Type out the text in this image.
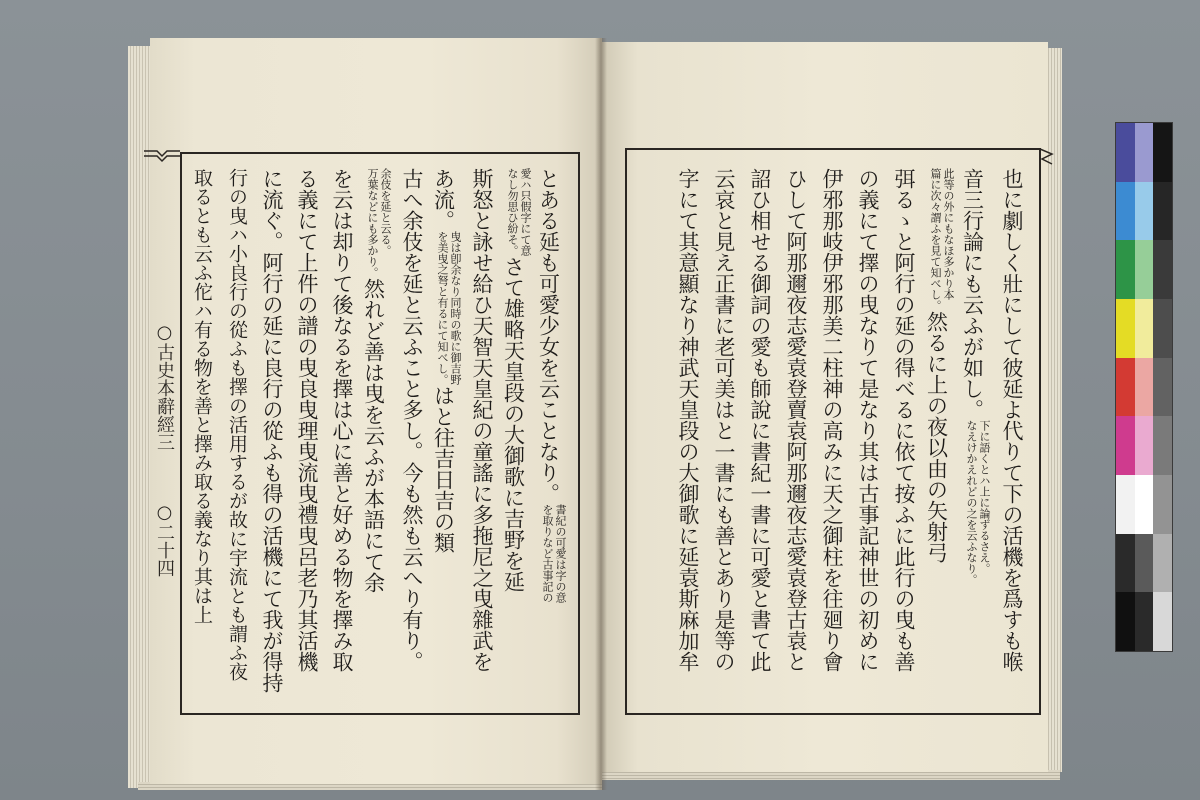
○古史本辭經三
○二十四	也に劇しく壯にして彼延よ代りて下の活機を爲すも喉
音三行論にも云ふが如し。
下に語くとハ上に論ずるさえ。
なえけかえれどの之を云ふなり。
此等の外にもなほ多かり本
篇に次々謂ふを見て知べし。
然るに上の夜以由の矢射弓
弭るゝと阿行の延の得べるに依て按ふに此行の曳も善
の義にて擇の曳なりて是なり其は古事記神世の初めに
伊邪那岐伊邪那美二柱神の高みに天之御柱を往廻り會
ひして阿那邇夜志愛袁登賣袁阿那邇夜志愛袁登古袁と
詔ひ相せる御詞の愛も師說に書紀一書に可愛と書て此
云哀と見え正書に老可美はと一書にも善とあり是等の
字にて其意顯なり神武天皇段の大御歌に延袁斯麻加牟
とある延も可愛少女を云ことなり。
書紀の可愛は字の意
を取りなど古事記の
愛ハ只假字にて意
なし勿思ひ紛そ。
さて雄略天皇段の大御歌に吉野を延
斯怒と詠せ給ひ天智天皇紀の童謠に多拖尼之曳雜武を
あ流。
曳は卽余なり同時の歌に御吉野
を美曳之弩と有るにて知べし。
はと往吉日吉の類
古へ余伎を延と云ふこと多し。今も然も云へり有り。
余伎を延と云る。
万葉などにも多かり。
然れど善は曳を云ふが本語にて余
を云は却りて後なるを擇は心に善と好める物を擇み取
る義にて上件の譜の曳良曳理曳流曳禮曳呂老乃其活機
に流ぐ。阿行の延に良行の從ふも得の活機にて我が得持
行の曳ハ小良行の從ふも擇の活用するが故に宇流とも謂ふ夜
取るとも云ふ佗ハ有る物を善と擇み取る義なり其は上
